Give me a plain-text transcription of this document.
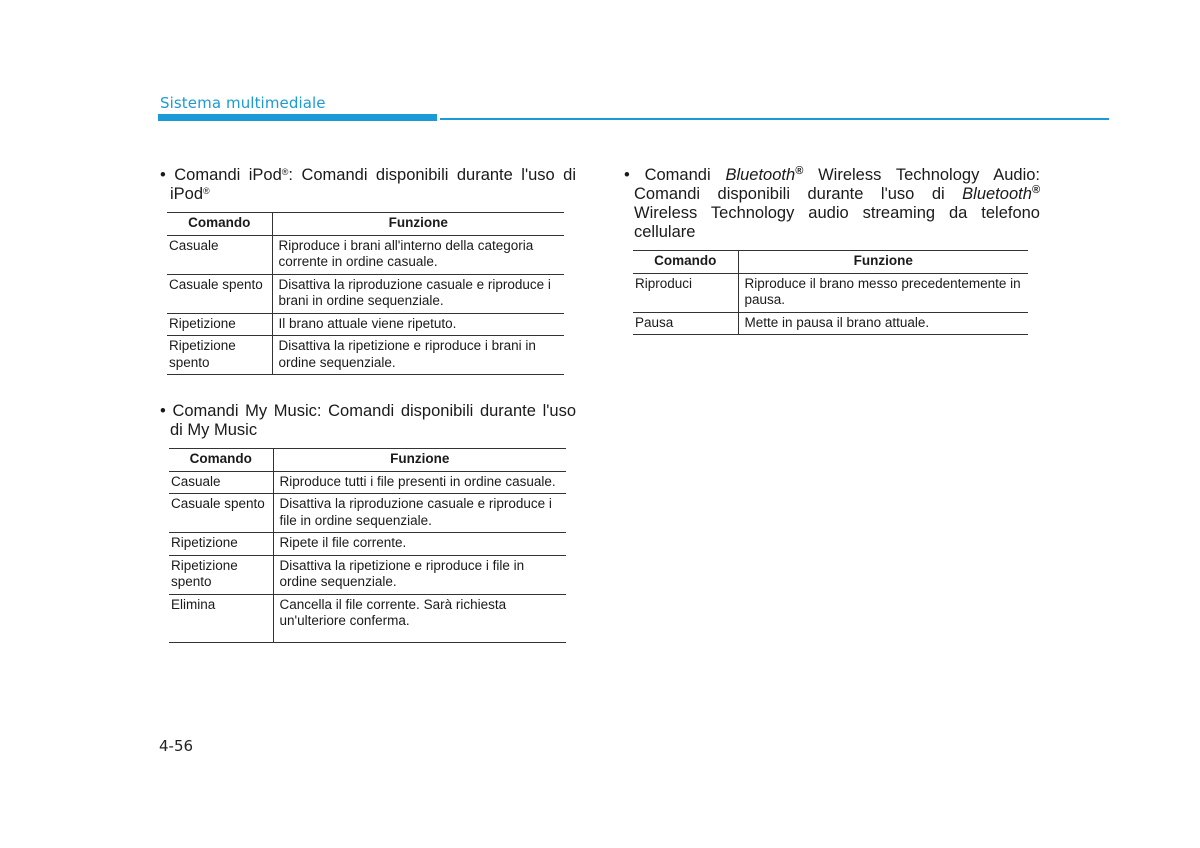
Sistema multimediale

• Comandi iPod®: Comandi disponibili durante l'uso di iPod®

Comando	Funzione
Casuale	Riproduce i brani all'interno della categoria corrente in ordine casuale.
Casuale spento	Disattiva la riproduzione casuale e riproduce i brani in ordine sequenziale.
Ripetizione	Il brano attuale viene ripetuto.
Ripetizione spento	Disattiva la ripetizione e riproduce i brani in ordine sequenziale.

• Comandi My Music: Comandi disponibili durante l'uso di My Music

Comando	Funzione
Casuale	Riproduce tutti i file presenti in ordine casuale.
Casuale spento	Disattiva la riproduzione casuale e riproduce i file in ordine sequenziale.
Ripetizione	Ripete il file corrente.
Ripetizione spento	Disattiva la ripetizione e riproduce i file in ordine sequenziale.
Elimina	Cancella il file corrente. Sarà richiesta un'ulteriore conferma.

• Comandi Bluetooth® Wireless Technology Audio: Comandi disponibili durante l'uso di Bluetooth® Wireless Technology audio streaming da telefono cellulare

Comando	Funzione
Riproduci	Riproduce il brano messo precedentemente in pausa.
Pausa	Mette in pausa il brano attuale.
4-56
